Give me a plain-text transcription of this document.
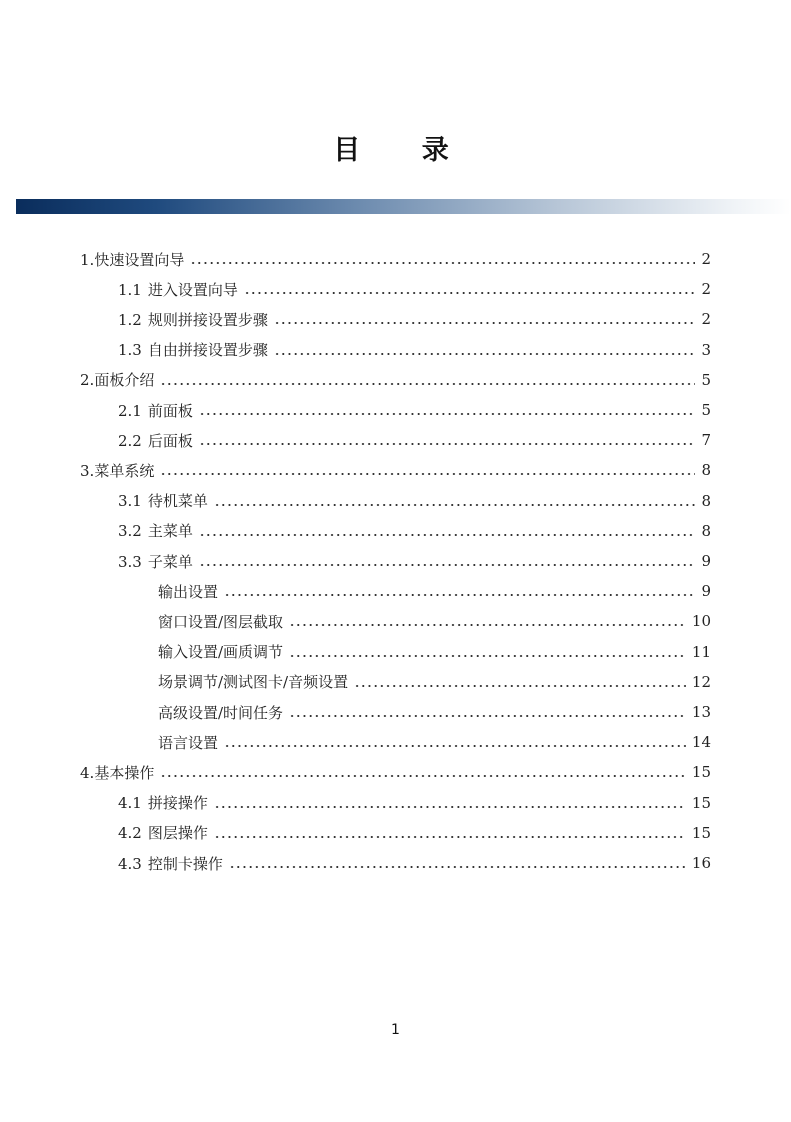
目 录
1.快速设置向导	2
1.1 进入设置向导	2
1.2 规则拼接设置步骤	2
1.3 自由拼接设置步骤	3
2.面板介绍	5
2.1 前面板	5
2.2 后面板	7
3.菜单系统	8
3.1 待机菜单	8
3.2 主菜单	8
3.3 子菜单	9
输出设置	9
窗口设置/图层截取	10
输入设置/画质调节	11
场景调节/测试图卡/音频设置	12
高级设置/时间任务	13
语言设置	14
4.基本操作	15
4.1 拼接操作	15
4.2 图层操作	15
4.3 控制卡操作	16
1
